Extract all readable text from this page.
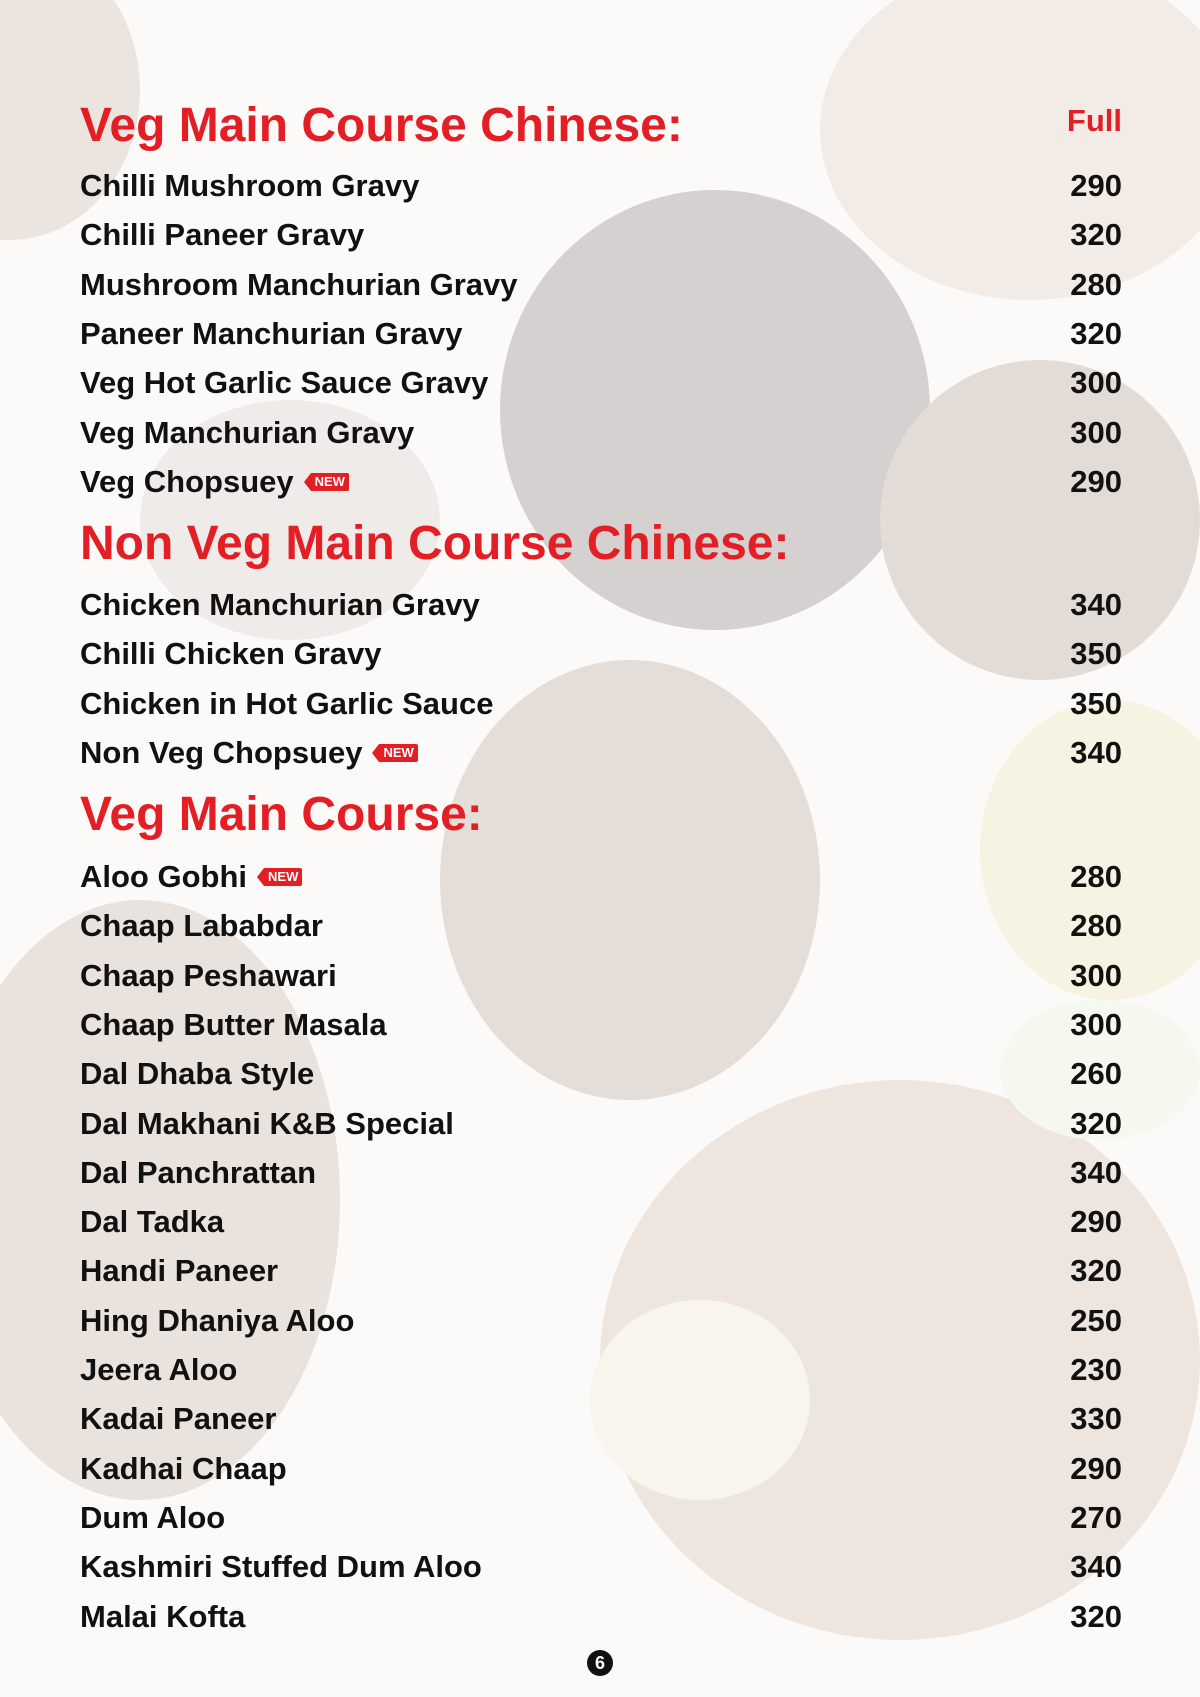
Veg Main Course Chinese:	Full
Chilli Mushroom Gravy	290
Chilli Paneer Gravy	320
Mushroom Manchurian Gravy	280
Paneer Manchurian Gravy	320
Veg Hot Garlic Sauce Gravy	300
Veg Manchurian Gravy	300
Veg Chopsuey	NEW	290
Non Veg Main Course Chinese:
Chicken Manchurian Gravy	340
Chilli Chicken Gravy	350
Chicken in Hot Garlic Sauce	350
Non Veg Chopsuey	NEW	340
Veg Main Course:
Aloo Gobhi	NEW	280
Chaap Lababdar	280
Chaap Peshawari	300
Chaap Butter Masala	300
Dal Dhaba Style	260
Dal Makhani K&B Special	320
Dal Panchrattan	340
Dal Tadka	290
Handi Paneer	320
Hing Dhaniya Aloo	250
Jeera Aloo	230
Kadai Paneer	330
Kadhai Chaap	290
Dum Aloo	270
Kashmiri Stuffed Dum Aloo	340
Malai Kofta	320
6
